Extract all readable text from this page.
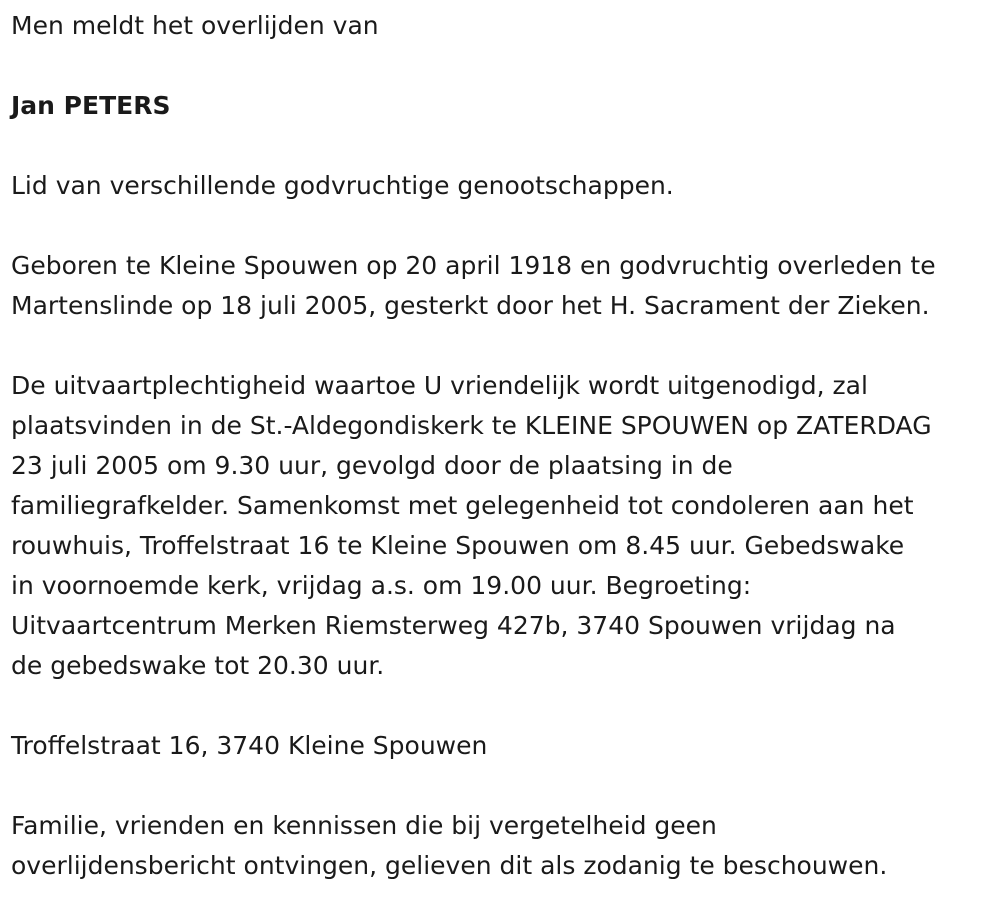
Men meldt het overlijden van

Jan PETERS

Lid van verschillende godvruchtige genootschappen.

Geboren te Kleine Spouwen op 20 april 1918 en godvruchtig overleden te
Martenslinde op 18 juli 2005, gesterkt door het H. Sacrament der Zieken.

De uitvaartplechtigheid waartoe U vriendelijk wordt uitgenodigd, zal
plaatsvinden in de St.-Aldegondiskerk te KLEINE SPOUWEN op ZATERDAG
23 juli 2005 om 9.30 uur, gevolgd door de plaatsing in de
familiegrafkelder. Samenkomst met gelegenheid tot condoleren aan het
rouwhuis, Troffelstraat 16 te Kleine Spouwen om 8.45 uur. Gebedswake
in voornoemde kerk, vrijdag a.s. om 19.00 uur. Begroeting:
Uitvaartcentrum Merken Riemsterweg 427b, 3740 Spouwen vrijdag na
de gebedswake tot 20.30 uur.

Troffelstraat 16, 3740 Kleine Spouwen

Familie, vrienden en kennissen die bij vergetelheid geen
overlijdensbericht ontvingen, gelieven dit als zodanig te beschouwen.
